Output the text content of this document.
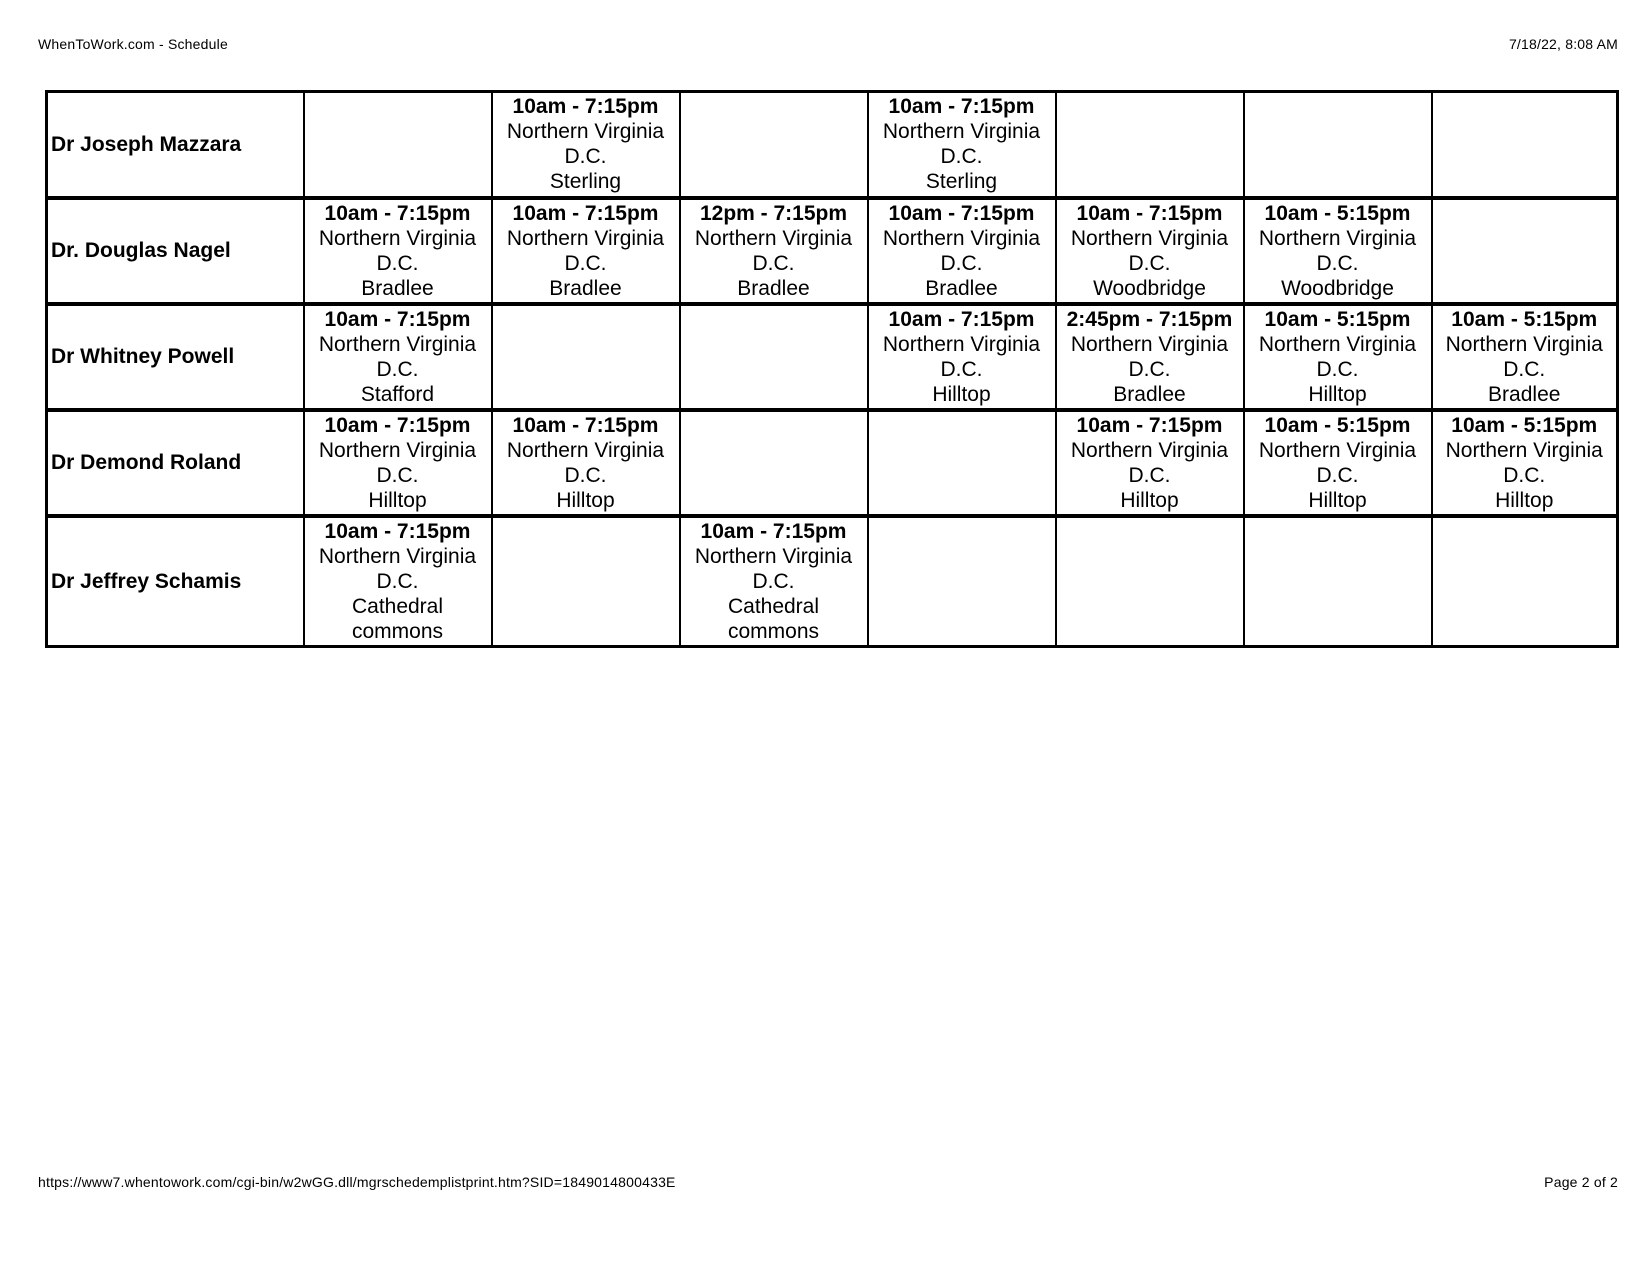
WhenToWork.com - Schedule	7/18/22, 8:08 AM
Dr Joseph Mazzara		10am - 7:15pm
Northern Virginia
D.C.
Sterling		10am - 7:15pm
Northern Virginia
D.C.
Sterling			

Dr. Douglas Nagel	10am - 7:15pm
Northern Virginia
D.C.
Bradlee	10am - 7:15pm
Northern Virginia
D.C.
Bradlee	12pm - 7:15pm
Northern Virginia
D.C.
Bradlee	10am - 7:15pm
Northern Virginia
D.C.
Bradlee	10am - 7:15pm
Northern Virginia
D.C.
Woodbridge	10am - 5:15pm
Northern Virginia
D.C.
Woodbridge	

Dr Whitney Powell	10am - 7:15pm
Northern Virginia
D.C.
Stafford			10am - 7:15pm
Northern Virginia
D.C.
Hilltop	2:45pm - 7:15pm
Northern Virginia
D.C.
Bradlee	10am - 5:15pm
Northern Virginia
D.C.
Hilltop	10am - 5:15pm
Northern Virginia
D.C.
Bradlee

Dr Demond Roland	10am - 7:15pm
Northern Virginia
D.C.
Hilltop	10am - 7:15pm
Northern Virginia
D.C.
Hilltop			10am - 7:15pm
Northern Virginia
D.C.
Hilltop	10am - 5:15pm
Northern Virginia
D.C.
Hilltop	10am - 5:15pm
Northern Virginia
D.C.
Hilltop

Dr Jeffrey Schamis	10am - 7:15pm
Northern Virginia
D.C.
Cathedral commons		10am - 7:15pm
Northern Virginia
D.C.
Cathedral commons				

https://www7.whentowork.com/cgi-bin/w2wGG.dll/mgrschedemplistprint.htm?SID=1849014800433E	Page 2 of 2
